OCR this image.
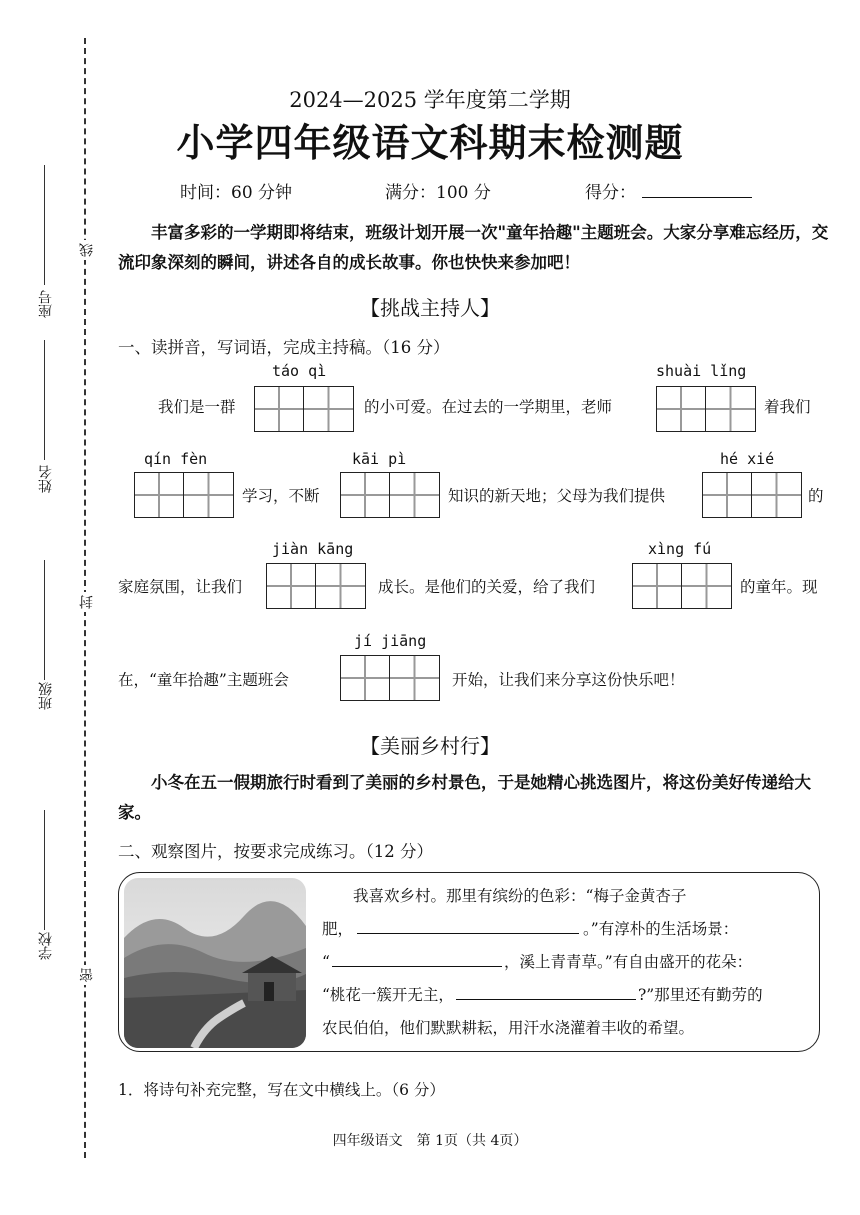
线
封
密
座号
姓名
班级
学校
2024—2025 学年度第二学期
小学四年级语文科期末检测题
时间：60 分钟	满分：100 分	得分：
丰富多彩的一学期即将结束，班级计划开展一次"童年拾趣"主题班会。大家分享难忘经历，交流印象深刻的瞬间，讲述各自的成长故事。你也快快来参加吧！
【挑战主持人】
一、读拼音，写词语，完成主持稿。（16 分）
我们是一群
táo qì
的小可爱。在过去的一学期里，老师
shuài lǐng
着我们
qín fèn
学习，不断
kāi pì
知识的新天地；父母为我们提供
hé xié
的
家庭氛围，让我们
jiàn kāng
成长。是他们的关爱，给了我们
xìng fú
的童年。现
在，“童年拾趣”主题班会
jí jiāng
开始，让我们来分享这份快乐吧！
【美丽乡村行】
小冬在五一假期旅行时看到了美丽的乡村景色，于是她精心挑选图片，将这份美好传递给大家。
二、观察图片，按要求完成练习。（12 分）
我喜欢乡村。那里有缤纷的色彩：“梅子金黄杏子
肥，	。”有淳朴的生活场景：
“	，溪上青青草。”有自由盛开的花朵：
“桃花一簇开无主，	?”那里还有勤劳的
农民伯伯，他们默默耕耘，用汗水浇灌着丰收的希望。
1．将诗句补充完整，写在文中横线上。（6 分）
四年级语文　第 1页（共 4页）
